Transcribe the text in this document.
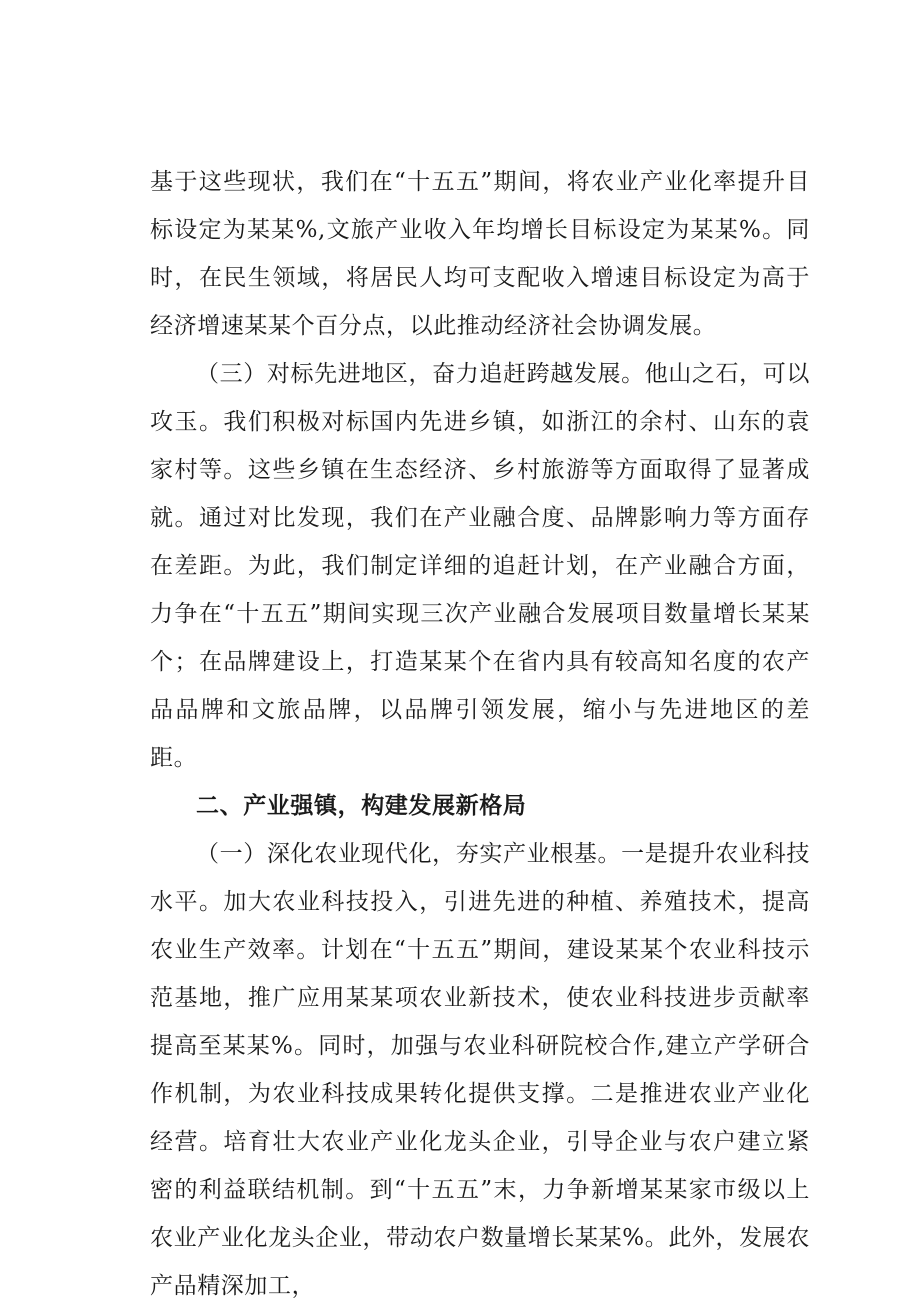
基于这些现状，我们在“十五五”期间，将农业产业化率提升目标设定为某某%,文旅产业收入年均增长目标设定为某某%。同时，在民生领域，将居民人均可支配收入增速目标设定为高于经济增速某某个百分点，以此推动经济社会协调发展。

（三）对标先进地区，奋力追赶跨越发展。他山之石，可以攻玉。我们积极对标国内先进乡镇，如浙江的余村、山东的袁家村等。这些乡镇在生态经济、乡村旅游等方面取得了显著成就。通过对比发现，我们在产业融合度、品牌影响力等方面存在差距。为此，我们制定详细的追赶计划，在产业融合方面，力争在“十五五”期间实现三次产业融合发展项目数量增长某某个；在品牌建设上，打造某某个在省内具有较高知名度的农产品品牌和文旅品牌，以品牌引领发展，缩小与先进地区的差距。

二、产业强镇，构建发展新格局

（一）深化农业现代化，夯实产业根基。一是提升农业科技水平。加大农业科技投入，引进先进的种植、养殖技术，提高农业生产效率。计划在“十五五”期间，建设某某个农业科技示范基地，推广应用某某项农业新技术，使农业科技进步贡献率提高至某某%。同时，加强与农业科研院校合作,建立产学研合作机制，为农业科技成果转化提供支撑。二是推进农业产业化经营。培育壮大农业产业化龙头企业，引导企业与农户建立紧密的利益联结机制。到“十五五”末，力争新增某某家市级以上农业产业化龙头企业，带动农户数量增长某某%。此外，发展农产品精深加工，
